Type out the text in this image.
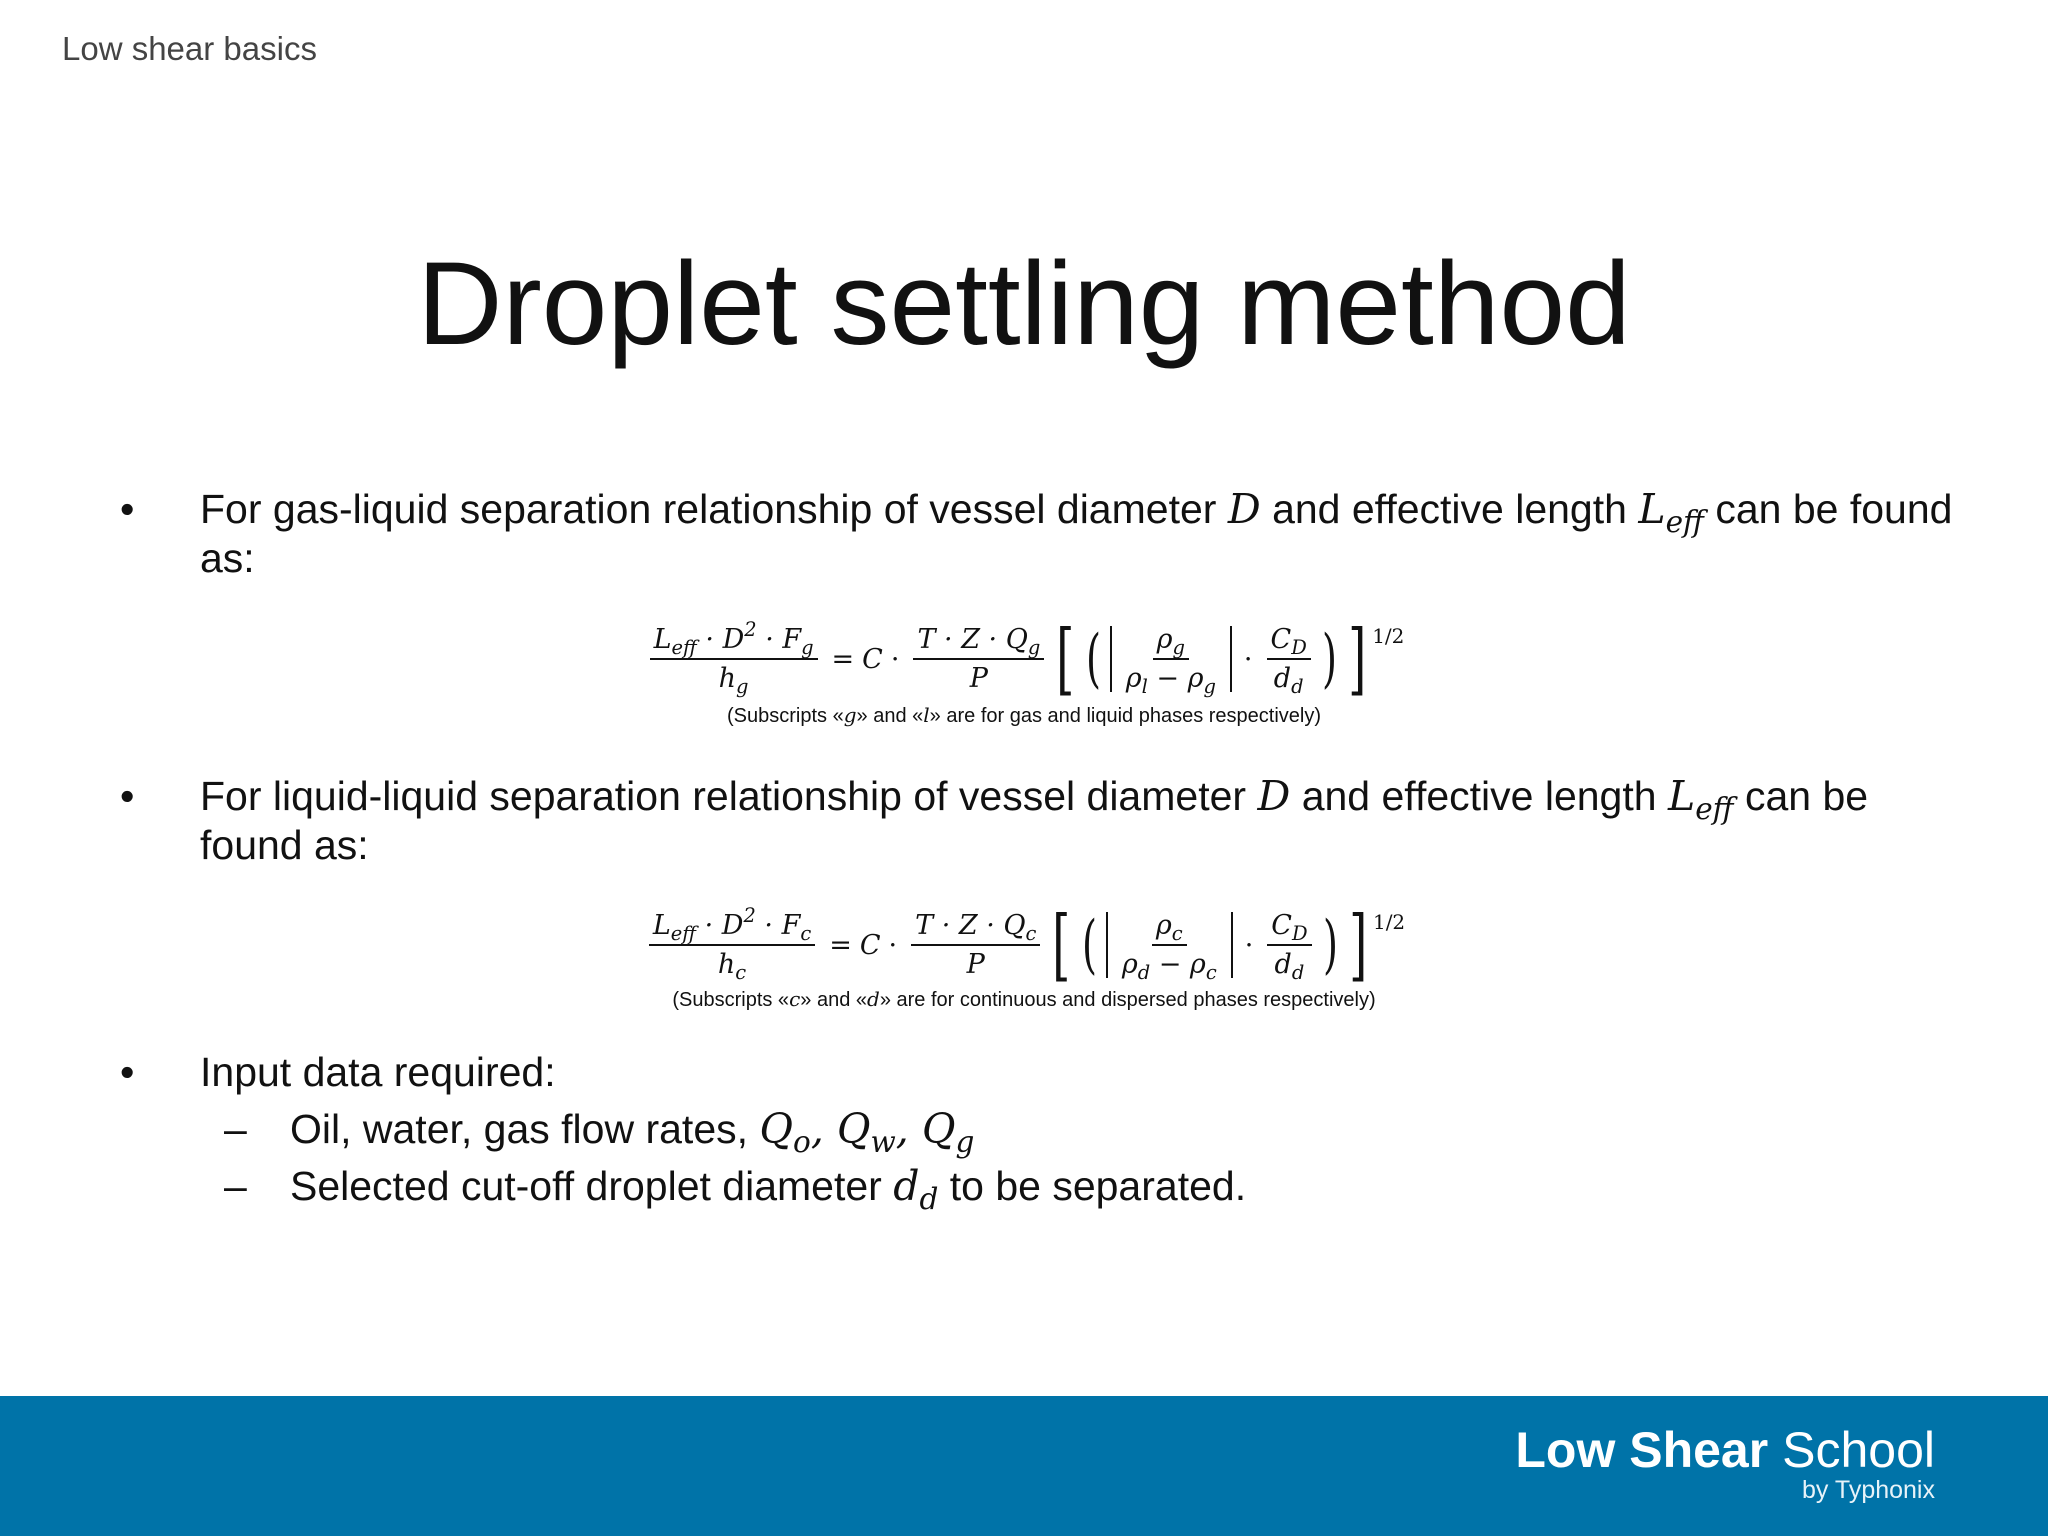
Low shear basics
Droplet settling method
• For gas-liquid separation relationship of vessel diameter D and effective length $L_{eff}$ can be found as:
$\frac{L_{eff} \cdot D^2 \cdot F_g}{h_g} = C \cdot \frac{T \cdot Z \cdot Q_g}{P}$ [ ( $\frac{\rho_g}{\rho_l - \rho_g} \cdot \frac{C_D}{d_d}$ ) ] 1/2
(Subscripts «g» and «l» are for gas and liquid phases respectively)
• For liquid-liquid separation relationship of vessel diameter D and effective length $L_{eff}$ can be found as:
$\frac{L_{eff} \cdot D^2 \cdot F_c}{h_c} = C \cdot \frac{T \cdot Z \cdot Q_c}{P}$ [ ( $\frac{\rho_c}{\rho_d - \rho_c} \cdot \frac{C_D}{d_d}$ ) ] 1/2
(Subscripts «c» and «d» are for continuous and dispersed phases respectively)
• Input data required:
– Oil, water, gas flow rates, $Q_o$, $Q_w$, $Q_g$
– Selected cut-off droplet diameter $d_d$ to be separated.
Low Shear School
by Typhonix
